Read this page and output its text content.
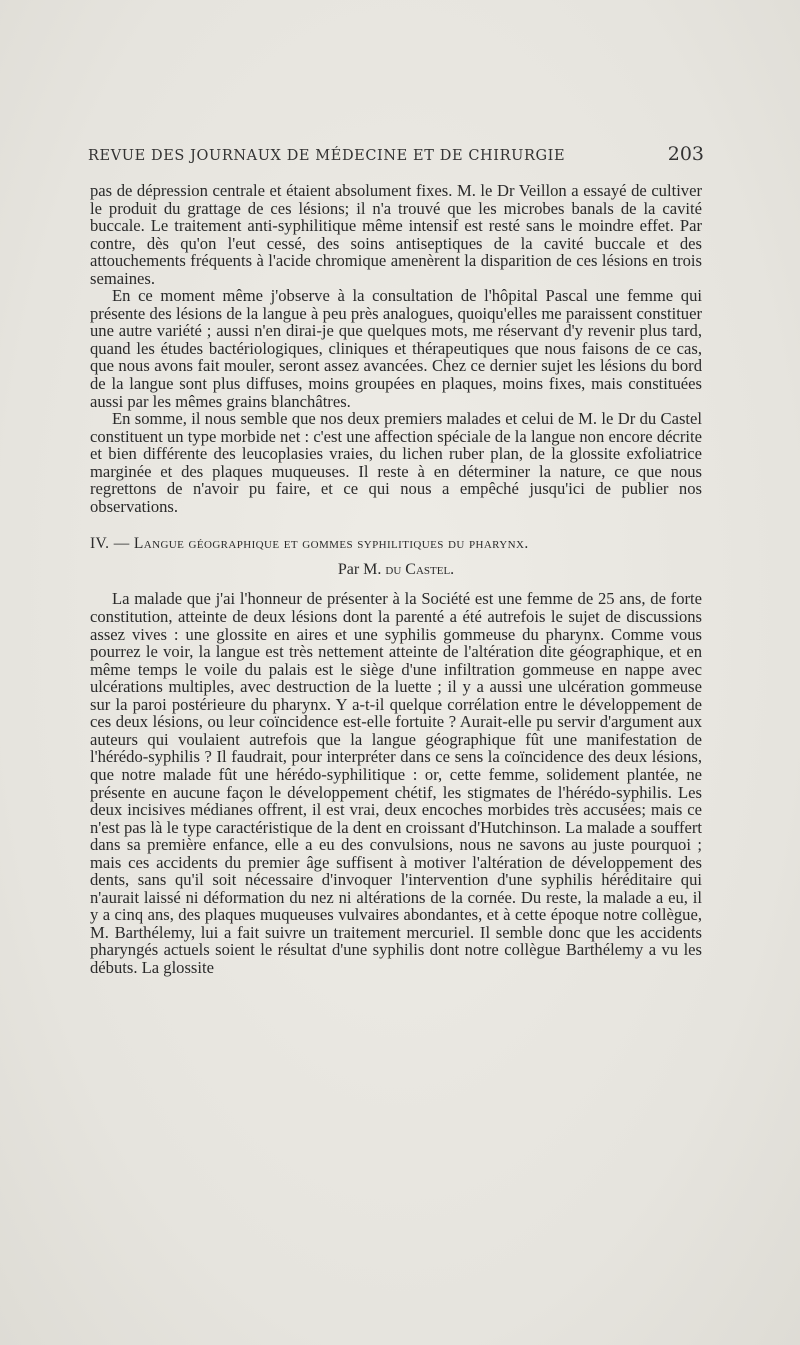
REVUE DES JOURNAUX DE MÉDECINE ET DE CHIRURGIE	203

pas de dépression centrale et étaient absolument fixes. M. le Dr Veillon a essayé de cultiver le produit du grattage de ces lésions; il n'a trouvé que les microbes banals de la cavité buccale. Le traitement anti-syphilitique même intensif est resté sans le moindre effet. Par contre, dès qu'on l'eut cessé, des soins antiseptiques de la cavité buccale et des attouchements fréquents à l'acide chromique amenèrent la disparition de ces lésions en trois semaines.

En ce moment même j'observe à la consultation de l'hôpital Pascal une femme qui présente des lésions de la langue à peu près analogues, quoiqu'elles me paraissent constituer une autre variété ; aussi n'en dirai-je que quelques mots, me réservant d'y revenir plus tard, quand les études bactériologiques, cliniques et thérapeutiques que nous faisons de ce cas, que nous avons fait mouler, seront assez avancées. Chez ce dernier sujet les lésions du bord de la langue sont plus diffuses, moins groupées en plaques, moins fixes, mais constituées aussi par les mêmes grains blanchâtres.

En somme, il nous semble que nos deux premiers malades et celui de M. le Dr du Castel constituent un type morbide net : c'est une affection spéciale de la langue non encore décrite et bien différente des leucoplasies vraies, du lichen ruber plan, de la glossite exfoliatrice marginée et des plaques muqueuses. Il reste à en déterminer la nature, ce que nous regrettons de n'avoir pu faire, et ce qui nous a empêché jusqu'ici de publier nos observations.

IV. — Langue géographique et gommes syphilitiques du pharynx.

Par M. du Castel.

La malade que j'ai l'honneur de présenter à la Société est une femme de 25 ans, de forte constitution, atteinte de deux lésions dont la parenté a été autrefois le sujet de discussions assez vives : une glossite en aires et une syphilis gommeuse du pharynx. Comme vous pourrez le voir, la langue est très nettement atteinte de l'altération dite géographique, et en même temps le voile du palais est le siège d'une infiltration gommeuse en nappe avec ulcérations multiples, avec destruction de la luette ; il y a aussi une ulcération gommeuse sur la paroi postérieure du pharynx. Y a-t-il quelque corrélation entre le développement de ces deux lésions, ou leur coïncidence est-elle fortuite ? Aurait-elle pu servir d'argument aux auteurs qui voulaient autrefois que la langue géographique fût une manifestation de l'hérédo-syphilis ? Il faudrait, pour interpréter dans ce sens la coïncidence des deux lésions, que notre malade fût une hérédo-syphilitique : or, cette femme, solidement plantée, ne présente en aucune façon le développement chétif, les stigmates de l'hérédo-syphilis. Les deux incisives médianes offrent, il est vrai, deux encoches morbides très accusées; mais ce n'est pas là le type caractéristique de la dent en croissant d'Hutchinson. La malade a souffert dans sa première enfance, elle a eu des convulsions, nous ne savons au juste pourquoi ; mais ces accidents du premier âge suffisent à motiver l'altération de développement des dents, sans qu'il soit nécessaire d'invoquer l'intervention d'une syphilis héréditaire qui n'aurait laissé ni déformation du nez ni altérations de la cornée. Du reste, la malade a eu, il y a cinq ans, des plaques muqueuses vulvaires abondantes, et à cette époque notre collègue, M. Barthélemy, lui a fait suivre un traitement mercuriel. Il semble donc que les accidents pharyngés actuels soient le résultat d'une syphilis dont notre collègue Barthélemy a vu les débuts. La glossite
